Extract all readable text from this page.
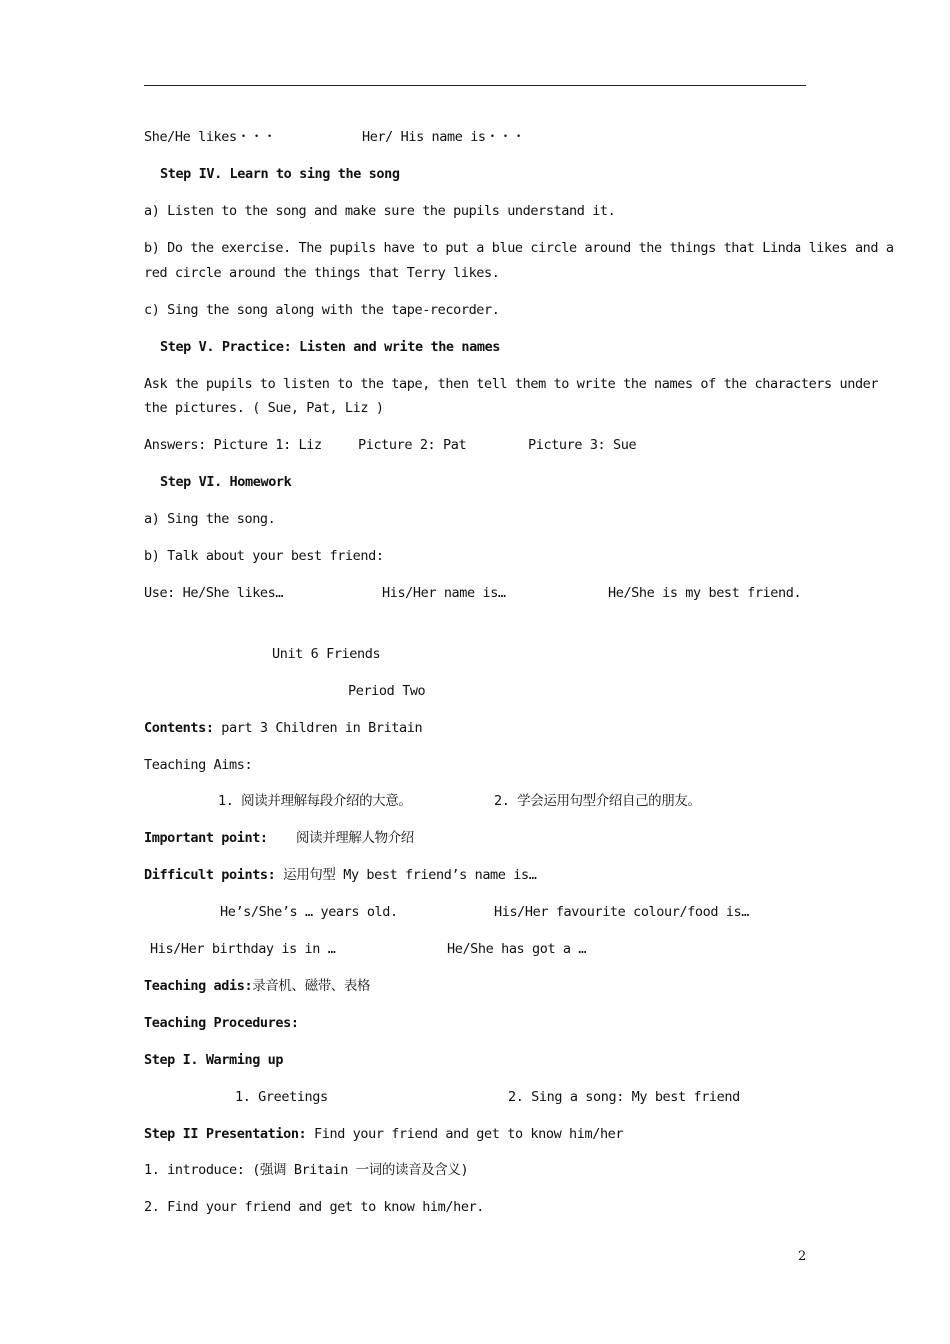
She/He likes・・・	Her/ His name is・・・
Step IV. Learn to sing the song
a) Listen to the song and make sure the pupils understand it.
b) Do the exercise. The pupils have to put a blue circle around the things that Linda likes and a
red circle around the things that Terry likes.
c) Sing the song along with the tape-recorder.
Step V. Practice: Listen and write the names
Ask the pupils to listen to the tape, then tell them to write the names of the characters under
the pictures. ( Sue, Pat, Liz )
Answers: Picture 1: Liz	Picture 2: Pat	Picture 3: Sue
Step VI. Homework
a) Sing the song.
b) Talk about your best friend:
Use: He/She likes…	His/Her name is…	He/She is my best friend.
Unit 6 Friends
Period Two
Contents: part 3 Children in Britain
Teaching Aims:
1. 阅读并理解每段介绍的大意。	2. 学会运用句型介绍自己的朋友。
Important point: 阅读并理解人物介绍
Difficult points: 运用句型 My best friend’s name is…
He’s/She’s … years old.	His/Her favourite colour/food is…
His/Her birthday is in …	He/She has got a …
Teaching adis:录音机、磁带、表格
Teaching Procedures:
Step I. Warming up
1. Greetings	2. Sing a song: My best friend
Step II Presentation: Find your friend and get to know him/her
1. introduce: (强调 Britain 一词的读音及含义)
2. Find your friend and get to know him/her.
2
